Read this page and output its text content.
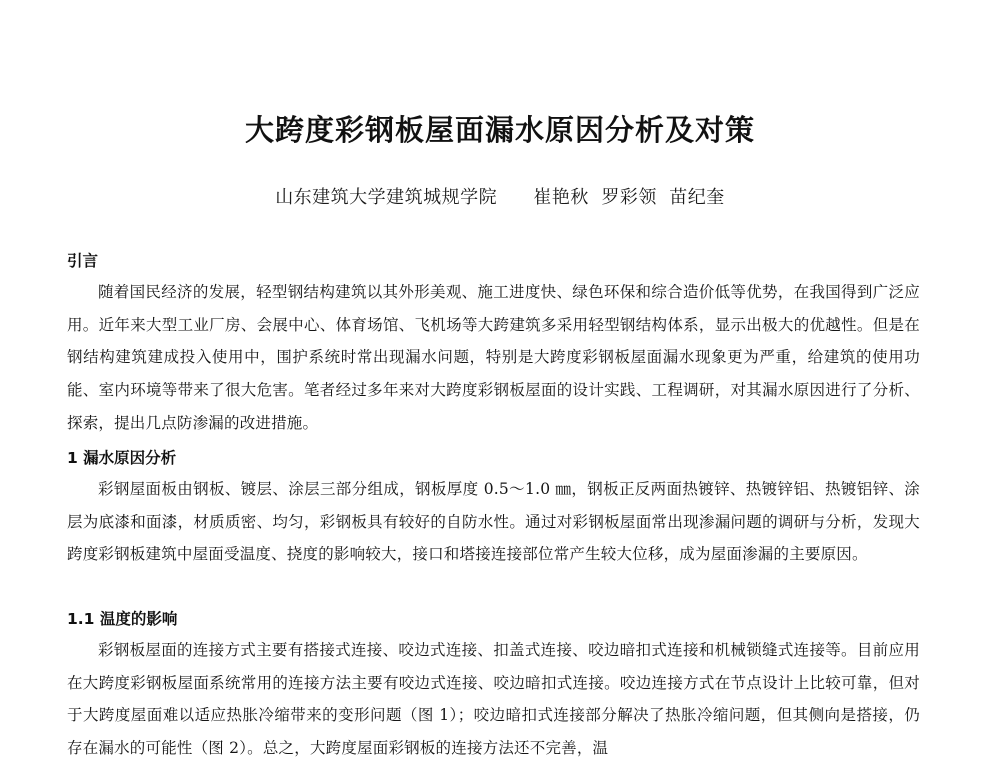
大跨度彩钢板屋面漏水原因分析及对策
山东建筑大学建筑城规学院 崔艳秋  罗彩领  苗纪奎
引言
随着国民经济的发展，轻型钢结构建筑以其外形美观、施工进度快、绿色环保和综合造价低等优势，在我国得到广泛应用。近年来大型工业厂房、会展中心、体育场馆、飞机场等大跨建筑多采用轻型钢结构体系，显示出极大的优越性。但是在钢结构建筑建成投入使用中，围护系统时常出现漏水问题，特别是大跨度彩钢板屋面漏水现象更为严重，给建筑的使用功能、室内环境等带来了很大危害。笔者经过多年来对大跨度彩钢板屋面的设计实践、工程调研，对其漏水原因进行了分析、探索，提出几点防渗漏的改进措施。
1 漏水原因分析
彩钢屋面板由钢板、镀层、涂层三部分组成，钢板厚度 0.5～1.0 ㎜，钢板正反两面热镀锌、热镀锌铝、热镀铝锌、涂层为底漆和面漆，材质质密、均匀，彩钢板具有较好的自防水性。通过对彩钢板屋面常出现渗漏问题的调研与分析，发现大跨度彩钢板建筑中屋面受温度、挠度的影响较大，接口和塔接连接部位常产生较大位移，成为屋面渗漏的主要原因。
1.1 温度的影响
彩钢板屋面的连接方式主要有搭接式连接、咬边式连接、扣盖式连接、咬边暗扣式连接和机械锁缝式连接等。目前应用在大跨度彩钢板屋面系统常用的连接方法主要有咬边式连接、咬边暗扣式连接。咬边连接方式在节点设计上比较可靠，但对于大跨度屋面难以适应热胀冷缩带来的变形问题（图 1）；咬边暗扣式连接部分解决了热胀冷缩问题，但其侧向是搭接，仍存在漏水的可能性（图 2）。总之，大跨度屋面彩钢板的连接方法还不完善，温
